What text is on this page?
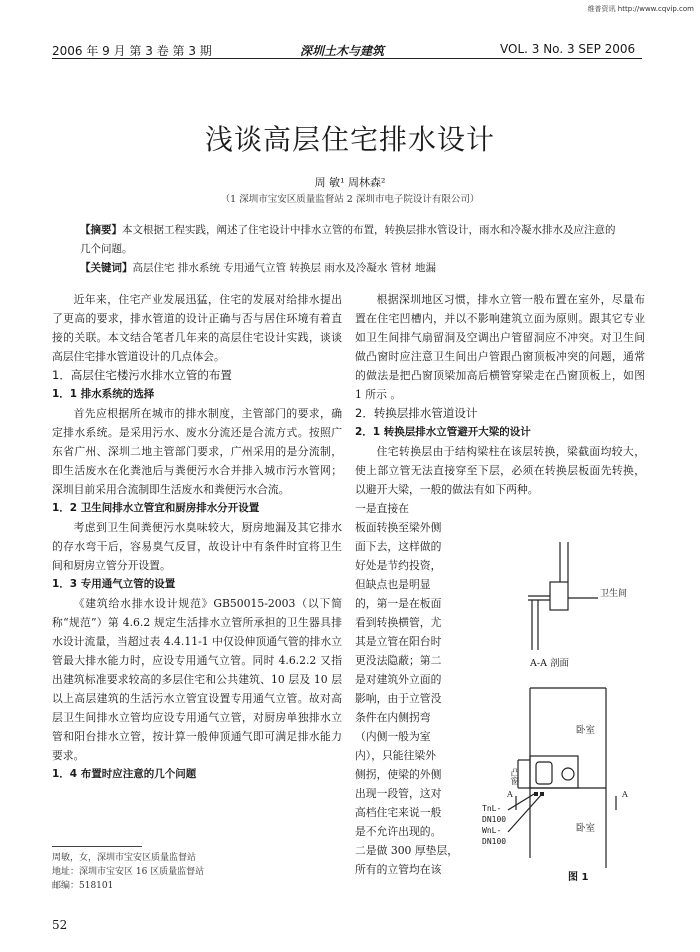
维普资讯 http://www.cqvip.com
2006 年 9 月 第 3 卷 第 3 期	深圳土木与建筑	VOL. 3 No. 3 SEP 2006
浅谈高层住宅排水设计
周 敏¹ 周林森²
（1 深圳市宝安区质量监督站 2 深圳市电子院设计有限公司）
【摘要】本文根据工程实践，阐述了住宅设计中排水立管的布置，转换层排水管设计，雨水和冷凝水排水及应注意的几个问题。
【关键词】高层住宅 排水系统 专用通气立管 转换层 雨水及冷凝水 管材 地漏

近年来，住宅产业发展迅猛，住宅的发展对给排水提出了更高的要求，排水管道的设计正确与否与居住环境有着直接的关联。本文结合笔者几年来的高层住宅设计实践，谈谈高层住宅排水管道设计的几点体会。

1．高层住宅楼污水排水立管的布置
1．1 排水系统的选择

首先应根据所在城市的排水制度，主管部门的要求，确定排水系统。是采用污水、废水分流还是合流方式。按照广东省广州、深圳二地主管部门要求，广州采用的是分流制，即生活废水在化粪池后与粪便污水合并排入城市污水管网；深圳目前采用合流制即生活废水和粪便污水合流。

1．2 卫生间排水立管宜和厨房排水分开设置

考虑到卫生间粪便污水臭味较大，厨房地漏及其它排水的存水弯干后，容易臭气反冒，故设计中有条件时宜将卫生间和厨房立管分开设置。

1．3 专用通气立管的设置

《建筑给水排水设计规范》GB50015-2003（以下简称“规范”）第 4.6.2 规定生活排水立管所承担的卫生器具排水设计流量，当超过表 4.4.11-1 中仅设伸顶通气管的排水立管最大排水能力时，应设专用通气立管。同时 4.6.2.2 又指出建筑标准要求较高的多层住宅和公共建筑、10 层及 10 层以上高层建筑的生活污水立管宜设置专用通气立管。故对高层卫生间排水立管均应设专用通气立管，对厨房单独排水立管和阳台排水立管，按计算一般伸顶通气即可满足排水能力要求。

1．4 布置时应注意的几个问题
周敏，女，深圳市宝安区质量监督站
地址：深圳市宝安区 16 区质量监督站
邮编：518101

根据深圳地区习惯，排水立管一般布置在室外，尽量布置在住宅凹槽内，并以不影响建筑立面为原则。跟其它专业如卫生间排气扇留洞及空调出户管留洞应不冲突。对卫生间做凸窗时应注意卫生间出户管跟凸窗顶板冲突的问题，通常的做法是把凸窗顶梁加高后横管穿梁走在凸窗顶板上，如图 1 所示 。

2．转换层排水管道设计
2．1 转换层排水立管避开大梁的设计

住宅转换层由于结构梁柱在该层转换，梁截面均较大，使上部立管无法直接穿至下层，必须在转换层板面先转换，以避开大梁，一般的做法有如下两种。

一是直接在
板面转换至梁外侧
面下去，这样做的
好处是节约投资，
但缺点也是明显
的，第一是在板面
看到转换横管，尤
其是立管在阳台时
更没法隐蔽；第二
是对建筑外立面的
影响，由于立管没
条件在内侧拐弯
（内侧一般为室
内），只能往梁外
侧拐，使梁的外侧
出现一段管，这对
高档住宅来说一般
是不允许出现的。
二是做 300 厚垫层，
所有的立管均在该
卫生间
A-A 剖面
卧室
凸窗
卧室
TnL-
DN100
WnL-
DN100
A	A
图 1
52
